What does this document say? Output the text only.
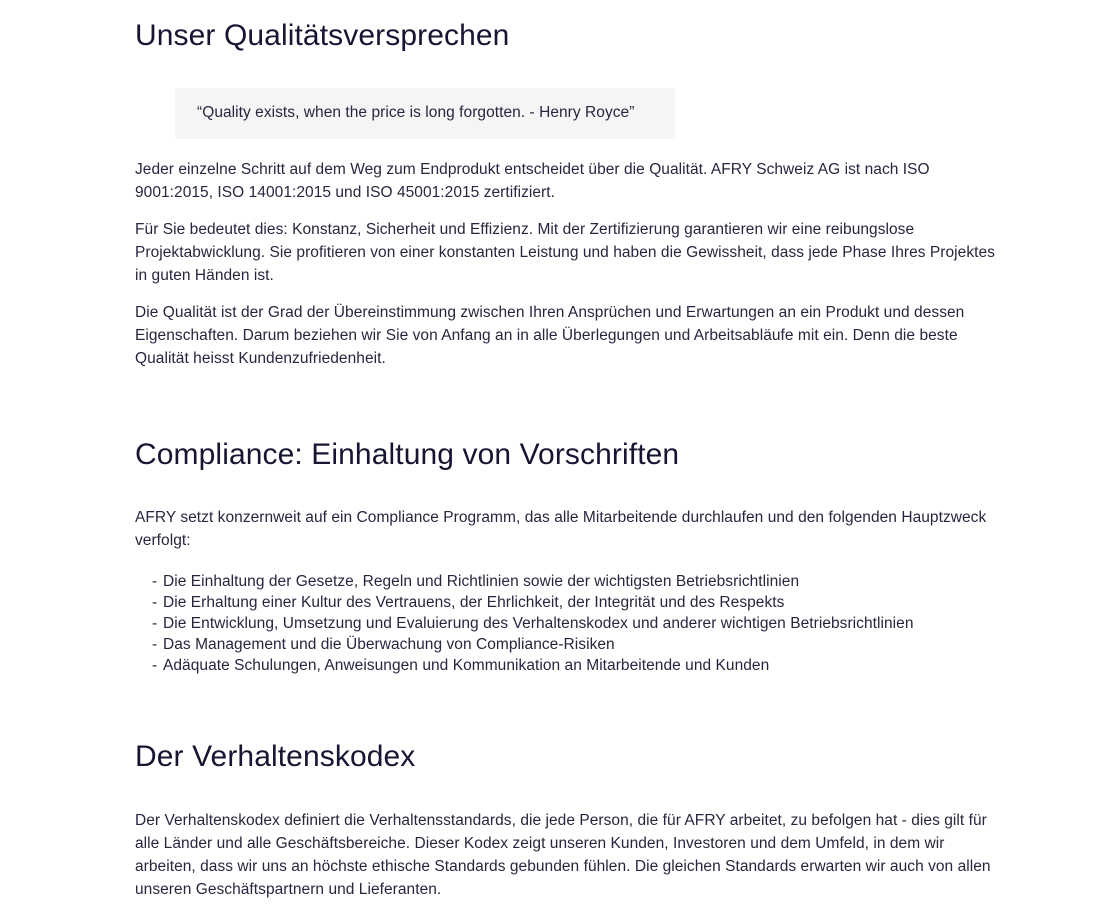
Unser Qualitätsversprechen

“Quality exists, when the price is long forgotten. - Henry Royce”

Jeder einzelne Schritt auf dem Weg zum Endprodukt entscheidet über die Qualität. AFRY Schweiz AG ist nach ISO 9001:2015, ISO 14001:2015 und ISO 45001:2015 zertifiziert.

Für Sie bedeutet dies: Konstanz, Sicherheit und Effizienz. Mit der Zertifizierung garantieren wir eine reibungslose Projektabwicklung. Sie profitieren von einer konstanten Leistung und haben die Gewissheit, dass jede Phase Ihres Projektes in guten Händen ist.

Die Qualität ist der Grad der Übereinstimmung zwischen Ihren Ansprüchen und Erwartungen an ein Produkt und dessen Eigenschaften. Darum beziehen wir Sie von Anfang an in alle Überlegungen und Arbeitsabläufe mit ein. Denn die beste Qualität heisst Kundenzufriedenheit.

Compliance: Einhaltung von Vorschriften

AFRY setzt konzernweit auf ein Compliance Programm, das alle Mitarbeitende durchlaufen und den folgenden Hauptzweck verfolgt:

- Die Einhaltung der Gesetze, Regeln und Richtlinien sowie der wichtigsten Betriebsrichtlinien
- Die Erhaltung einer Kultur des Vertrauens, der Ehrlichkeit, der Integrität und des Respekts
- Die Entwicklung, Umsetzung und Evaluierung des Verhaltenskodex und anderer wichtigen Betriebsrichtlinien
- Das Management und die Überwachung von Compliance-Risiken
- Adäquate Schulungen, Anweisungen und Kommunikation an Mitarbeitende und Kunden
Der Verhaltenskodex

Der Verhaltenskodex definiert die Verhaltensstandards, die jede Person, die für AFRY arbeitet, zu befolgen hat - dies gilt für alle Länder und alle Geschäftsbereiche. Dieser Kodex zeigt unseren Kunden, Investoren und dem Umfeld, in dem wir arbeiten, dass wir uns an höchste ethische Standards gebunden fühlen. Die gleichen Standards erwarten wir auch von allen unseren Geschäftspartnern und Lieferanten.
